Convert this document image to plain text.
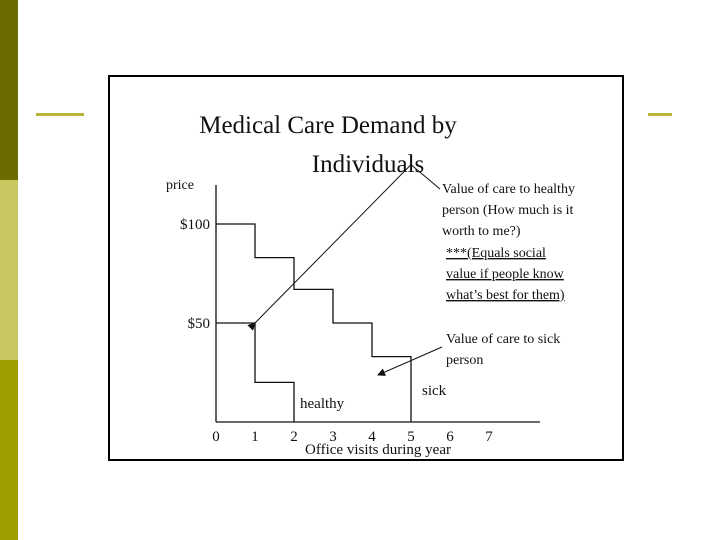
Medical Care Demand by
Individuals
price
Office visits during year
0 1 2 3 4 5 6 7
$100
$50
healthy
sick
Value of care to healthy
person (How much is it
worth to me?)
***(Equals social
value if people know
what’s best for them)
Value of care to sick
person
